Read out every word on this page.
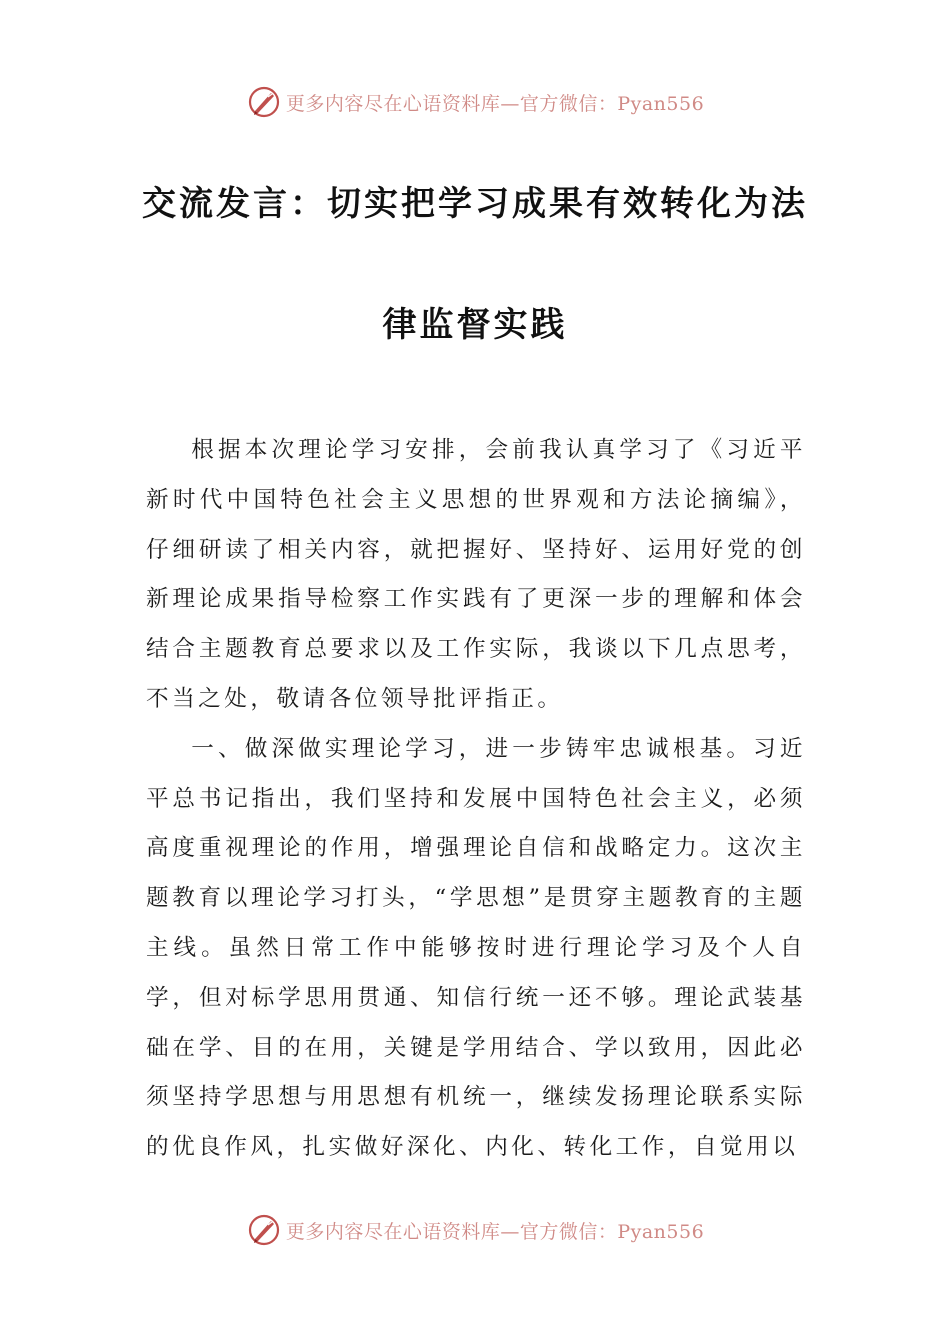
更多内容尽在心语资料库—官方微信：Pyan556
交流发言：切实把学习成果有效转化为法
律监督实践

根据本次理论学习安排，会前我认真学习了《习近平新时代中国特色社会主义思想的世界观和方法论摘编》，仔细研读了相关内容，就把握好、坚持好、运用好党的创新理论成果指导检察工作实践有了更深一步的理解和体会结合主题教育总要求以及工作实际，我谈以下几点思考，不当之处，敬请各位领导批评指正。

一、做深做实理论学习，进一步铸牢忠诚根基。习近平总书记指出，我们坚持和发展中国特色社会主义，必须高度重视理论的作用，增强理论自信和战略定力。这次主题教育以理论学习打头，“学思想”是贯穿主题教育的主题主线。虽然日常工作中能够按时进行理论学习及个人自学，但对标学思用贯通、知信行统一还不够。理论武装基础在学、目的在用，关键是学用结合、学以致用，因此必须坚持学思想与用思想有机统一，继续发扬理论联系实际的优良作风，扎实做好深化、内化、转化工作，自觉用以

更多内容尽在心语资料库—官方微信：Pyan556
